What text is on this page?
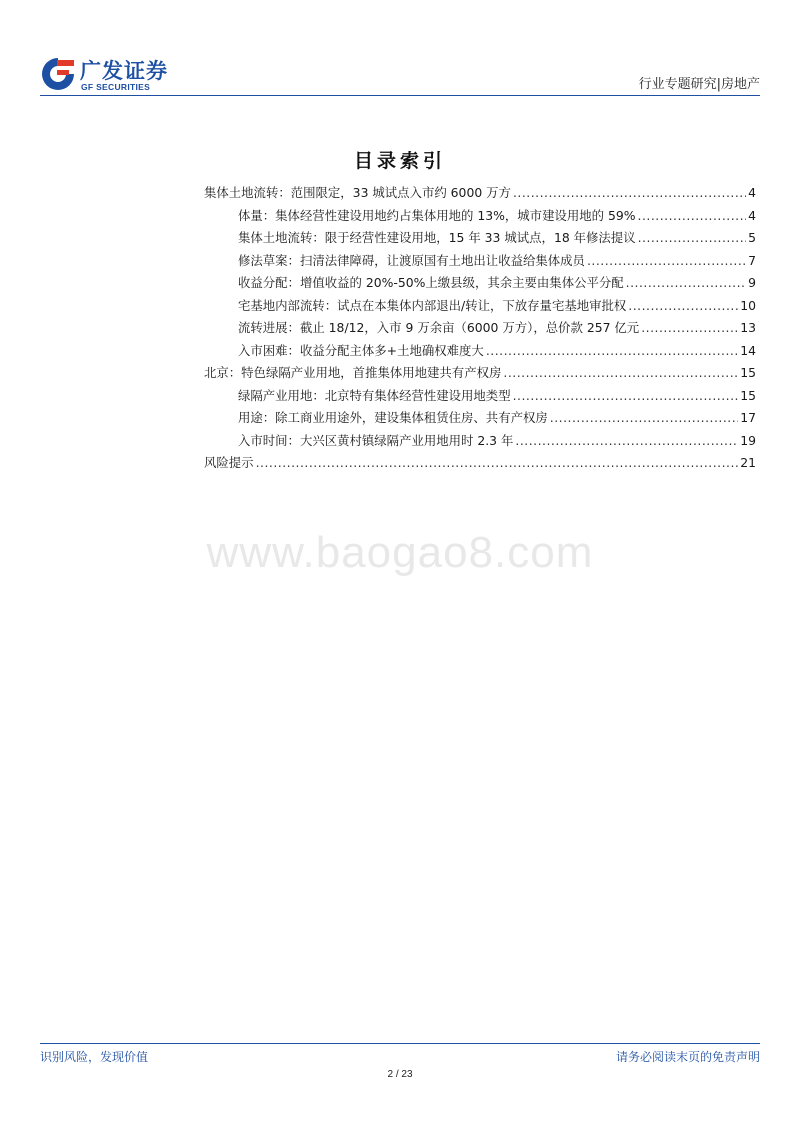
广发证券
GF SECURITIES	行业专题研究|房地产
目录索引
集体土地流转：范围限定，33 城试点入市约 6000 万方 .....	4
体量：集体经营性建设用地约占集体用地的 13%，城市建设用地的 59% .....	4
集体土地流转：限于经营性建设用地，15 年 33 城试点，18 年修法提议 .....	5
修法草案：扫清法律障碍，让渡原国有土地出让收益给集体成员 .....	7
收益分配：增值收益的 20%-50%上缴县级，其余主要由集体公平分配 .....	9
宅基地内部流转：试点在本集体内部退出/转让，下放存量宅基地审批权 .....	10
流转进展：截止 18/12，入市 9 万余亩（6000 万方），总价款 257 亿元 .....	13
入市困难：收益分配主体多+土地确权难度大 .....	14
北京：特色绿隔产业用地，首推集体用地建共有产权房 .....	15
绿隔产业用地：北京特有集体经营性建设用地类型 .....	15
用途：除工商业用途外，建设集体租赁住房、共有产权房 .....	17
入市时间：大兴区黄村镇绿隔产业用地用时 2.3 年 .....	19
风险提示 .....	21
www.baogao8.com
识别风险，发现价值	请务必阅读末页的免责声明
2 / 23
